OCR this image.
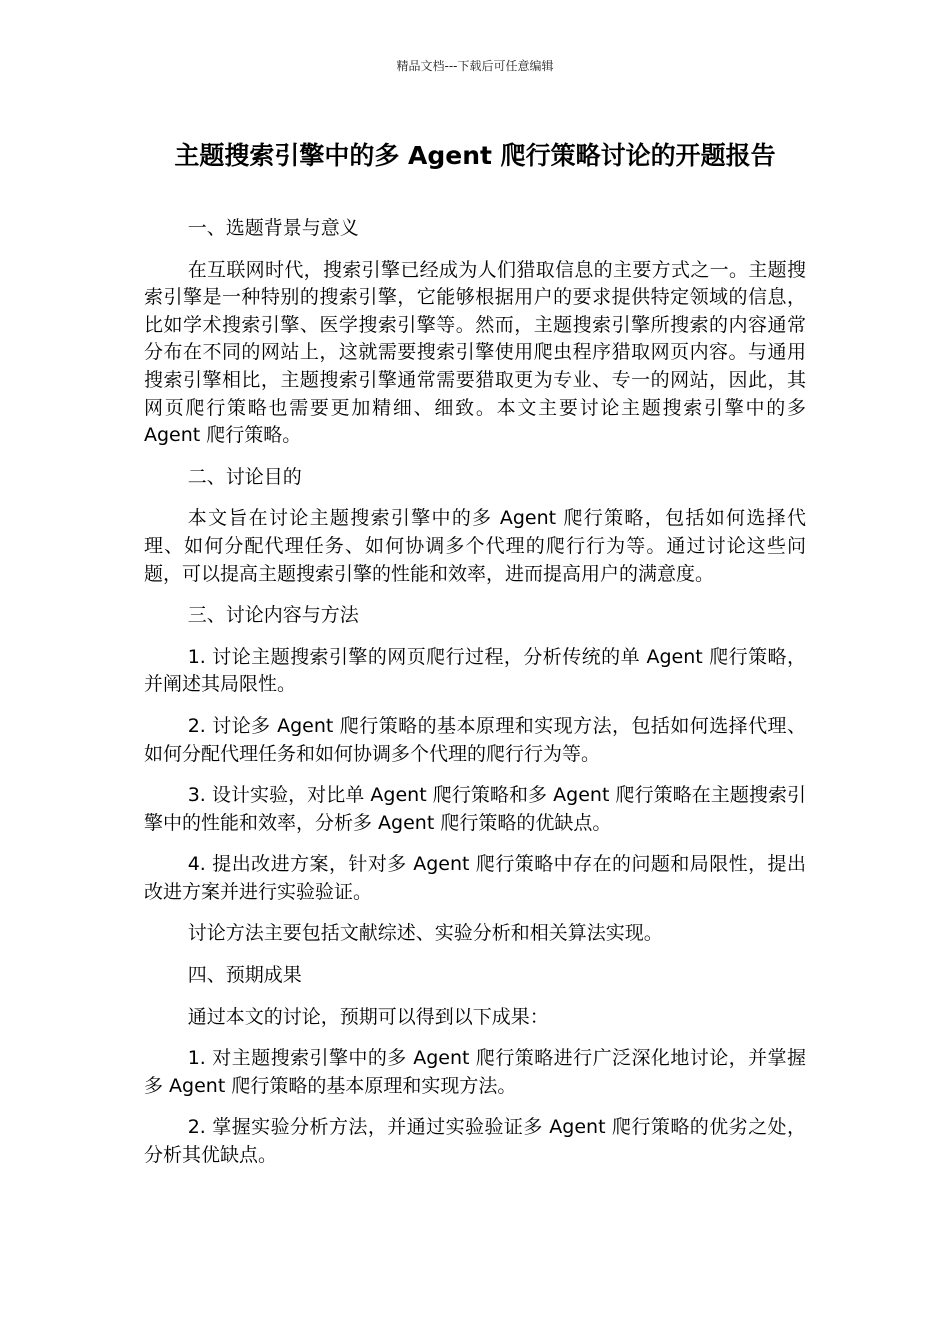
精品文档---下载后可任意编辑
主题搜索引擎中的多 Agent 爬行策略讨论的开题报告

一、选题背景与意义

在互联网时代，搜索引擎已经成为人们猎取信息的主要方式之一。主题搜索引擎是一种特别的搜索引擎，它能够根据用户的要求提供特定领域的信息，比如学术搜索引擎、医学搜索引擎等。然而，主题搜索引擎所搜索的内容通常分布在不同的网站上，这就需要搜索引擎使用爬虫程序猎取网页内容。与通用搜索引擎相比，主题搜索引擎通常需要猎取更为专业、专一的网站，因此，其网页爬行策略也需要更加精细、细致。本文主要讨论主题搜索引擎中的多 Agent 爬行策略。

二、讨论目的

本文旨在讨论主题搜索引擎中的多 Agent 爬行策略，包括如何选择代理、如何分配代理任务、如何协调多个代理的爬行行为等。通过讨论这些问题，可以提高主题搜索引擎的性能和效率，进而提高用户的满意度。

三、讨论内容与方法

1. 讨论主题搜索引擎的网页爬行过程，分析传统的单 Agent 爬行策略，并阐述其局限性。

2. 讨论多 Agent 爬行策略的基本原理和实现方法，包括如何选择代理、如何分配代理任务和如何协调多个代理的爬行行为等。

3. 设计实验，对比单 Agent 爬行策略和多 Agent 爬行策略在主题搜索引擎中的性能和效率，分析多 Agent 爬行策略的优缺点。

4. 提出改进方案，针对多 Agent 爬行策略中存在的问题和局限性，提出改进方案并进行实验验证。

讨论方法主要包括文献综述、实验分析和相关算法实现。

四、预期成果

通过本文的讨论，预期可以得到以下成果：

1. 对主题搜索引擎中的多 Agent 爬行策略进行广泛深化地讨论，并掌握多 Agent 爬行策略的基本原理和实现方法。

2. 掌握实验分析方法，并通过实验验证多 Agent 爬行策略的优劣之处，分析其优缺点。
